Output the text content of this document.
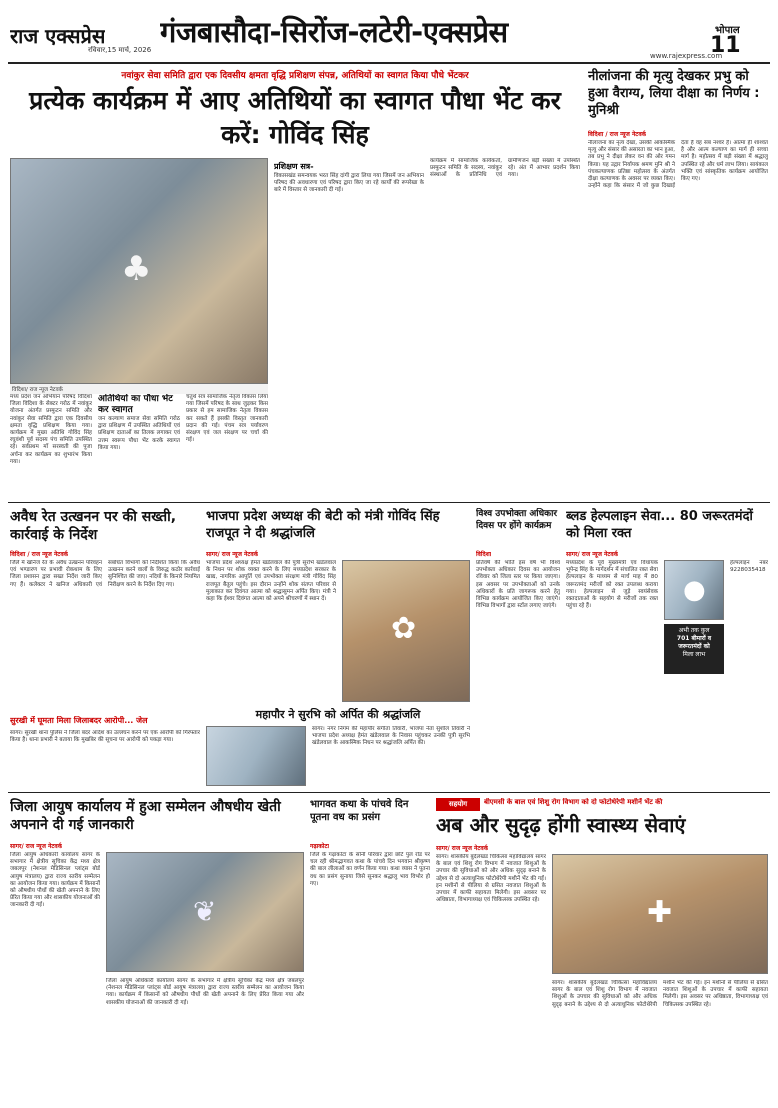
राज एक्सप्रेस
रविवार,15 मार्च, 2026
गंजबासौदा-सिरोंज-लटेरी-एक्सप्रेस	भोपाल
11
www.rajexpress.com
नवांकुर सेवा समिति द्वारा एक दिवसीय क्षमता वृद्धि प्रशिक्षण संपन्न, अतिथियों का स्वागत किया पौधे भेंटकर
प्रत्येक कार्यक्रम में आए अतिथियों का स्वागत पौधा भेंट कर करें: गोविंद सिंह
♣
विदिशा/ राज न्यूज नेटवर्क
मध्य प्रदेश जन अभियान परिषद विदिशा जिला विदिशा के सेक्टर गरोठ में नवांकुर योजना अंतर्गत प्रस्फुटन समिति और नवांकुर सेवा समिति द्वारा एक दिवसीय क्षमता वृद्धि प्रशिक्षण किया गया। कार्यक्रम में मुख्य अतिथि गोविंद सिंह रघुवंशी पूर्व सदस्य पंच समिति उपस्थित रहे। सर्वप्रथम माँ सरस्वती की पूजा अर्चना कर कार्यक्रम का शुभारंभ किया गया।
अतिथियों का पौधा भेंट कर स्वागत
जन कल्याण समाज सेवा समिति गरोठ द्वारा प्रशिक्षण में उपस्थित अतिथियों एवं प्रशिक्षण दाताओं का तिलक लगाकर एवं उत्तम स्वरूप पौधा भेंट करके स्वागत किया गया।
चतुर्थ सत्र सामाजिक नेतृत्व विकास लिया गया जिसमें परिषद के साथ जुड़कर किस प्रकार से हम सामाजिक नेतृत्व विकास कर सकते हैं इसकी विस्तृत जानकारी प्रदान की गई। पंचम सत्र पर्यावरण संरक्षण एवं जल संरक्षण पर चर्चा की गई।
प्रशिक्षण सत्र-
विकासखंड समन्वयक भरत सिंह दांगी द्वारा लिया गया जिसमें जन अभियान परिषद की अवधारणा एवं परिषद द्वारा किए जा रहे कार्यों की रूपरेखा के बारे में विस्तार से जानकारी दी गई।
कार्यक्रम में सामाजिक कार्यकर्ता, प्रस्फुटन समिति के सदस्य, नवांकुर संस्थाओं के प्रतिनिधि एवं ग्रामीणजन बड़ी संख्या में उपस्थित रहे। अंत में आभार प्रदर्शन किया गया।
नीलांजना की मृत्यु देखकर प्रभु को हुआ वैराग्य, लिया दीक्षा का निर्णय : मुनिश्री
विदिशा / राज न्यूज नेटवर्क
नीलांजना का नृत्य देखा, उसकी आकस्मिक मृत्यु और संसार की असारता का भान हुआ, तब प्रभु ने दीक्षा लेकर वन की ओर गमन किया। यह उद्गार निर्यापक श्रमण मुनि श्री ने पंचकल्याणक प्रतिष्ठा महोत्सव के अंतर्गत दीक्षा कल्याणक के अवसर पर व्यक्त किए। उन्होंने कहा कि संसार में जो कुछ दिखाई देता है वह सब नश्वर है। आत्मा ही शाश्वत है और आत्म कल्याण का मार्ग ही सच्चा मार्ग है। महोत्सव में बड़ी संख्या में श्रद्धालु उपस्थित रहे और धर्म लाभ लिया। सायंकाल भक्ति एवं सांस्कृतिक कार्यक्रम आयोजित किए गए।
अवैध रेत उत्खनन पर की सख्ती, कार्रवाई के निर्देश
विदिशा / राज न्यूज नेटवर्क
जिले में खनिज रेत के अवैध उत्खनन परिवहन एवं भण्डारण पर प्रभावी रोकथाम के लिए जिला प्रशासन द्वारा सख्त निर्देश जारी किए गए हैं। कलेक्टर ने खनिज अधिकारी एवं संबंधित विभागों को निर्देशित किया कि अवैध उत्खनन करने वालों के विरुद्ध कठोर कार्रवाई सुनिश्चित की जाए। नदियों के किनारे नियमित निरीक्षण करने के निर्देश दिए गए।
सुरखी में घूमता मिला जिलाबदर आरोपी... जेल
सागर। सुरखी थाना पुलिस ने जिला बदर आदेश का उल्लंघन करने पर एक आरोपी को गिरफ्तार किया है। थाना प्रभारी ने बताया कि मुखबिर की सूचना पर आरोपी को पकड़ा गया।
भाजपा प्रदेश अध्यक्ष की बेटी को मंत्री गोविंद सिंह राजपूत ने दी श्रद्धांजलि
सागर/ राज न्यूज नेटवर्क
भाजपा प्रदेश अध्यक्ष हेमंत खंडेलवाल की पुत्री सुरभि खंडेलवाल के निधन पर शोक व्यक्त करने के लिए मध्यप्रदेश सरकार के खाद्य, नागरिक आपूर्ति एवं उपभोक्ता संरक्षण मंत्री गोविंद सिंह राजपूत बैतूल पहुंचे। इस दौरान उन्होंने शोक संतप्त परिवार से मुलाकात कर दिवंगत आत्मा को श्रद्धासुमन अर्पित किए। मंत्री ने कहा कि ईश्वर दिवंगत आत्मा को अपने श्रीचरणों में स्थान दें।
✿
महापौर ने सुरभि को अर्पित की श्रद्धांजलि
सागर। नगर निगम की महापौर संगीता तिवारी, भाजपा नेता सुशील तिवारी ने भाजपा प्रदेश अध्यक्ष हेमंत खंडेलवाल के निवास पहुंचकर उनकी पुत्री सुरभि खंडेलवाल के आकस्मिक निधन पर श्रद्धांजलि अर्पित की।
विश्व उपभोक्ता अधिकार दिवस पर होंगे कार्यक्रम
विदिशा
प्रतिवर्ष की भांति इस वर्ष भी विश्व उपभोक्ता अधिकार दिवस का आयोजन रविवार को जिला स्तर पर किया जाएगा। इस अवसर पर उपभोक्ताओं को उनके अधिकारों के प्रति जागरूक करने हेतु विभिन्न कार्यक्रम आयोजित किए जाएंगे। विभिन्न विभागों द्वारा स्टॉल लगाए जाएंगे।
ब्लड हेल्पलाइन सेवा... 80 जरूरतमंदों को मिला रक्त
सागर/ राज न्यूज नेटवर्क
मध्यप्रदेश के पूर्व मुख्यमंत्री एवं विधायक भूपेन्द्र सिंह के मार्गदर्शन में संचालित रक्त सेवा हेल्पलाइन के माध्यम से मार्च माह में 80 जरूरतमंद मरीजों को रक्त उपलब्ध कराया गया। हेल्पलाइन से जुड़े स्वयंसेवक रक्तदाताओं के सहयोग से मरीजों तक रक्त पहुंचा रहे हैं।
●
अभी तक कुल
701 बीमारों व
जरूरतमंदों को
मिला लाभ
हेल्पलाइन नंबर 9228035418
जिला आयुष कार्यालय में हुआ सम्मेलन औषधीय खेती अपनाने दी गई जानकारी
सागर/ राज न्यूज नेटवर्क
जिला आयुष अधिकारी कार्यालय सागर के सभागार में क्षेत्रीय सूचिका केंद्र मध्य क्षेत्र जबलपुर (नेशनल मेडिसिनल प्लांट्स बोर्ड आयुष मंत्रालय) द्वारा राज्य स्तरीय सम्मेलन का आयोजन किया गया। कार्यक्रम में किसानों को औषधीय पौधों की खेती अपनाने के लिए प्रेरित किया गया और शासकीय योजनाओं की जानकारी दी गई।	❦
जिला आयुष अधिकारी कार्यालय सागर के सभागार में क्षेत्रीय सूचिका केंद्र मध्य क्षेत्र जबलपुर (नेशनल मेडिसिनल प्लांट्स बोर्ड आयुष मंत्रालय) द्वारा राज्य स्तरीय सम्मेलन का आयोजन किया गया। कार्यक्रम में किसानों को औषधीय पौधों की खेती अपनाने के लिए प्रेरित किया गया और शासकीय योजनाओं की जानकारी दी गई।
भागवत कथा के पांचवे दिन पूतना वध का प्रसंग
गढ़ाकोटा
जिले के गढ़ाकोटा के सोनी परिवार द्वारा छोटे पुल रोड पर चल रही श्रीमद्भागवत कथा के पांचवे दिन भगवान श्रीकृष्ण की बाल लीलाओं का वर्णन किया गया। कथा व्यास ने पूतना वध का प्रसंग सुनाया जिसे सुनकर श्रद्धालु भाव विभोर हो गए।
सहयोग	बीएमसी के बाल एवं शिशु रोग विभाग को दो फोटोथेरेपी मशीनें भेंट की
अब और सुदृढ़ होंगी स्वास्थ्य सेवाएं
सागर/ राज न्यूज नेटवर्क
सागर। शासकीय बुंदेलखंड चिकित्सा महाविद्यालय सागर के बाल एवं शिशु रोग विभाग में नवजात शिशुओं के उपचार की सुविधाओं को और अधिक सुदृढ़ बनाने के उद्देश्य से दो अत्याधुनिक फोटोथेरेपी मशीनें भेंट की गईं। इन मशीनों से पीलिया से ग्रसित नवजात शिशुओं के उपचार में काफी सहायता मिलेगी। इस अवसर पर अधिष्ठाता, विभागाध्यक्ष एवं चिकित्सक उपस्थित रहे।	✚
सागर। शासकीय बुंदेलखंड चिकित्सा महाविद्यालय सागर के बाल एवं शिशु रोग विभाग में नवजात शिशुओं के उपचार की सुविधाओं को और अधिक सुदृढ़ बनाने के उद्देश्य से दो अत्याधुनिक फोटोथेरेपी मशीनें भेंट की गईं। इन मशीनों से पीलिया से ग्रसित नवजात शिशुओं के उपचार में काफी सहायता मिलेगी। इस अवसर पर अधिष्ठाता, विभागाध्यक्ष एवं चिकित्सक उपस्थित रहे।
